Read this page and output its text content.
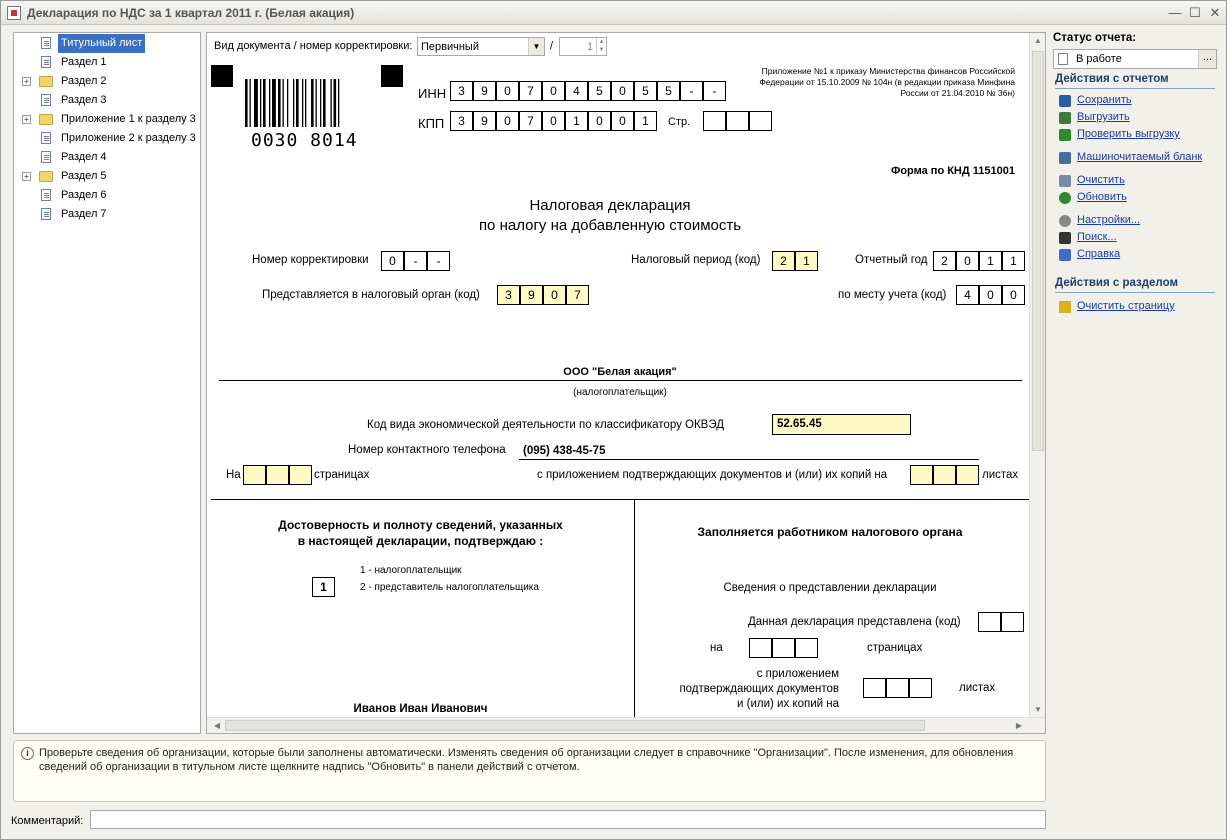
Декларация по НДС за 1 квартал 2011 г. (Белая акация)	— ☐ ✕
Титульный лист
Раздел 1
+	Раздел 2
Раздел 3
+	Приложение 1 к разделу 3
Приложение 2 к разделу 3
Раздел 4
+	Раздел 5
Раздел 6
Раздел 7
Вид документа / номер корректировки: Первичный	▼ /	1 ▲
▼
0030 8014
ИНН	3	9	0	7	0	4	5	0	5	5	-	-
КПП	3	9	0	7	0	1	0	0	1	Стр.
Приложение №1 к приказу Министерства финансов Российской
Федерации от 15.10.2009 № 104н (в редакции приказа Минфина
России от 21.04.2010 № 36н)
Форма по КНД 1151001
Налоговая декларация
по налогу на добавленную стоимость
Номер корректировки	0	-	-	Налоговый период (код)	2	1	Отчетный год	2	0	1	1
Представляется в налоговый орган (код)	3	9	0	7	по месту учета (код)	4	0	0
ООО "Белая акация"
(налогоплательщик)
Код вида экономической деятельности по классификатору ОКВЭД	52.65.45
Номер контактного телефона (095) 438-45-75
На	страницах	с приложением подтверждающих документов и (или) их копий на	листах
Достоверность и полноту сведений, указанных
в настоящей декларации, подтверждаю :
1 - налогоплательщик
2 - представитель налогоплательщика
1
Иванов Иван Иванович
Заполняется работником налогового органа
Сведения о представлении декларации
Данная декларация представлена (код)
на	страницах
с приложением
подтверждающих документов
и (или) их копий на
листах
▲
▼
◀	▶
Статус отчета:
В работе	...
Действия с отчетом
Сохранить
Выгрузить
Проверить выгрузку
Машиночитаемый бланк
Очистить
Обновить
Настройки...
Поиск...
Справка
Действия с разделом
Очистить страницу
i Проверьте сведения об организации, которые были заполнены автоматически. Изменять сведения об организации следует в справочнике "Организации". После изменения, для обновления сведений об организации в титульном листе щелкните надпись "Обновить" в панели действий с отчетом.
Комментарий:
